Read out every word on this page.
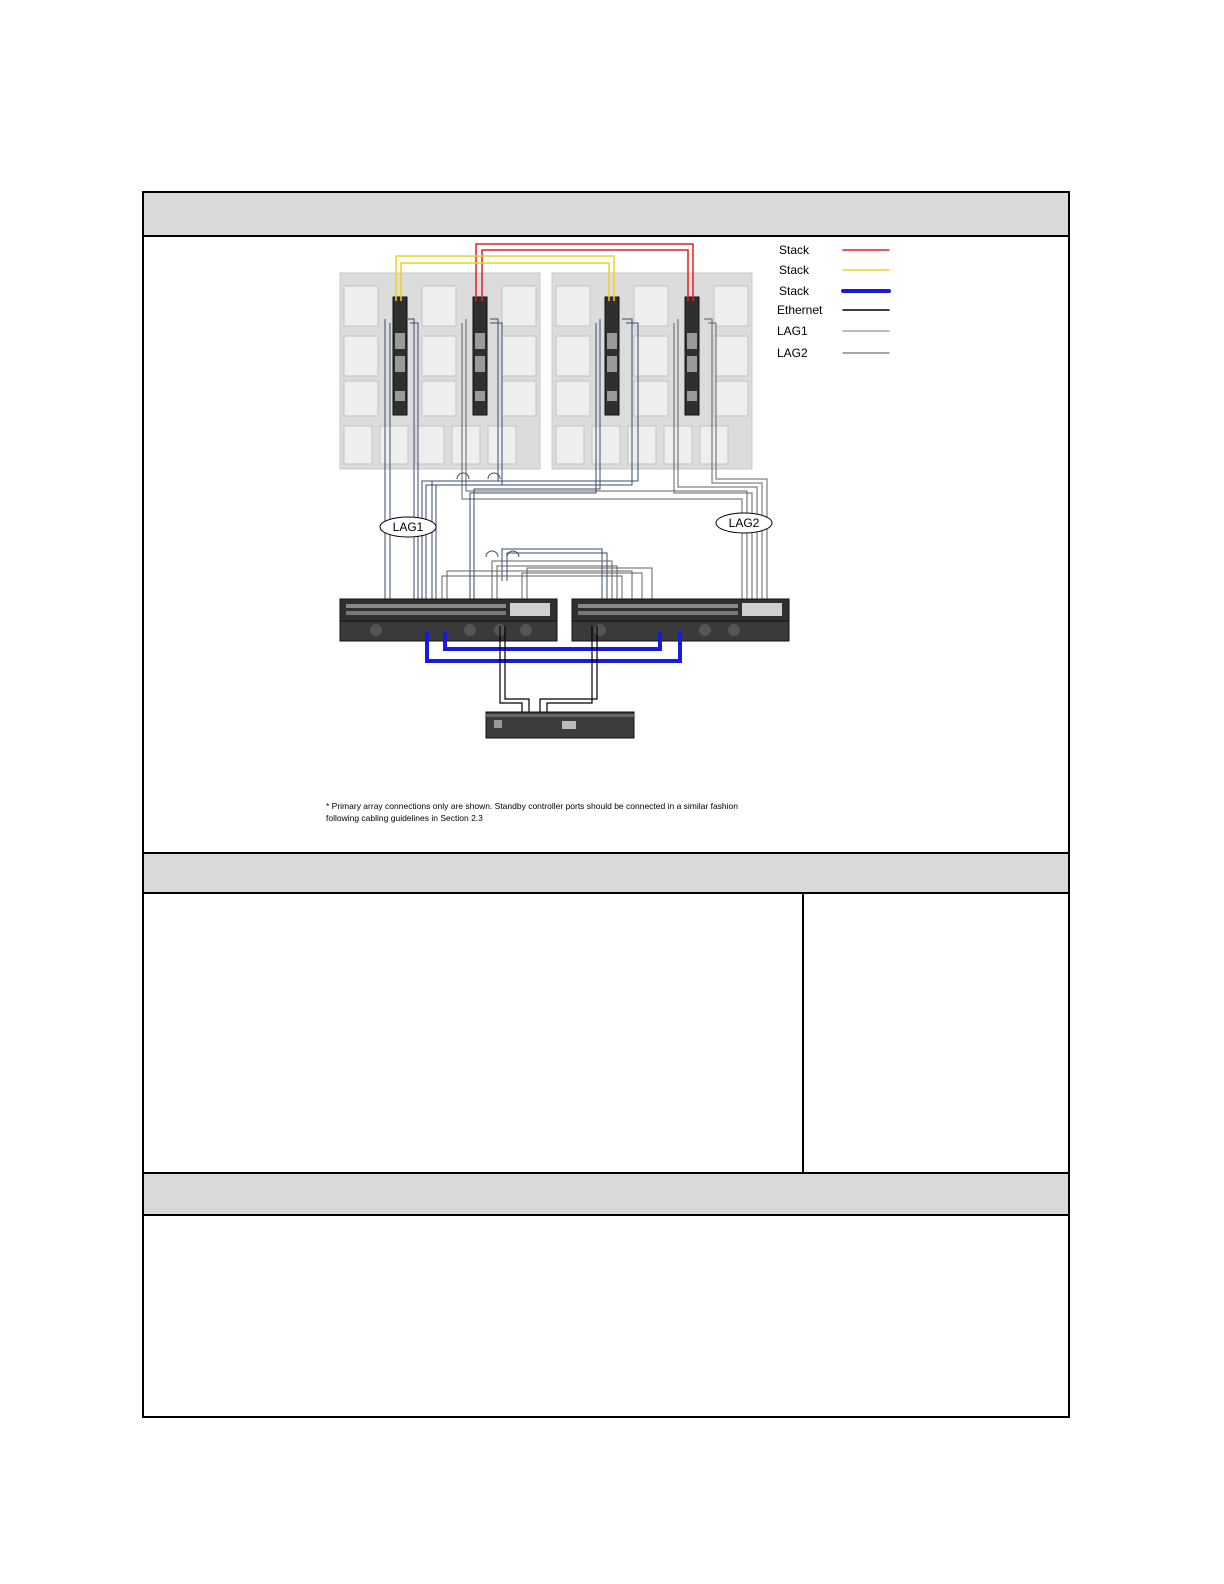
LAG1	LAG2
Stack
Stack
Stack
Ethernet
LAG1
LAG2
* Primary array connections only are shown. Standby controller ports should be connected in a similar fashion
following cabling guidelines in Section 2.3
